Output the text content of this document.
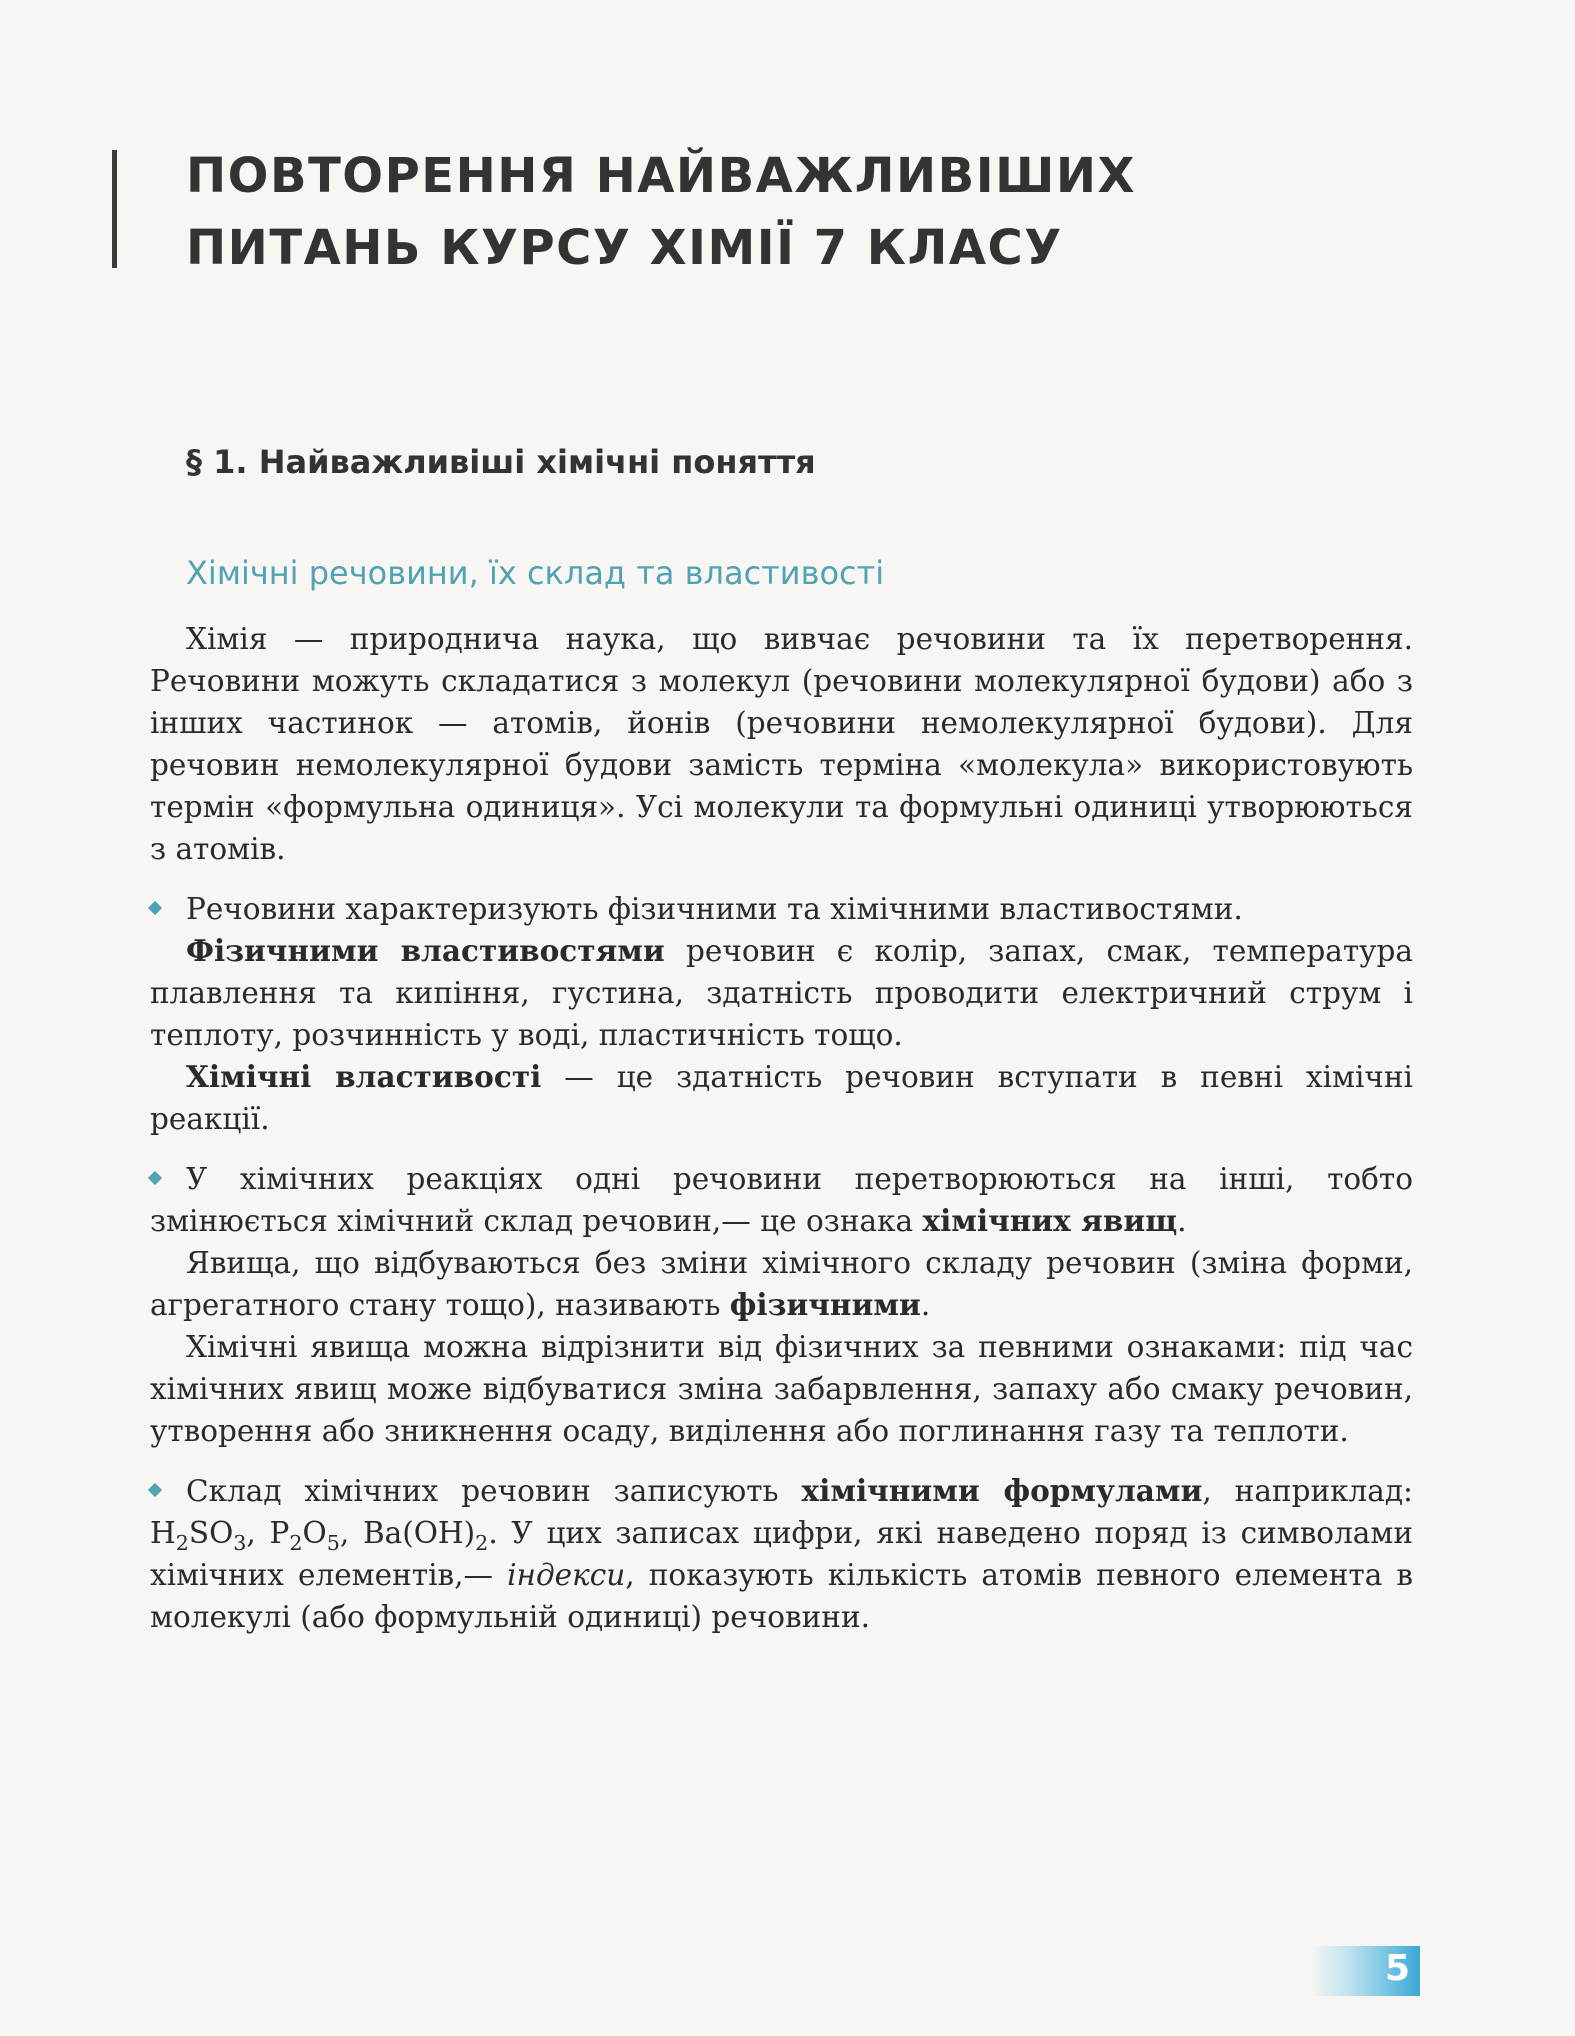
ПОВТОРЕННЯ НАЙВАЖЛИВІШИХ
ПИТАНЬ КУРСУ ХІМІЇ 7 КЛАСУ
§ 1. Найважливіші хімічні поняття
Хімічні речовини, їх склад та властивості

Хімія — природнича наука, що вивчає речовини та їх перетворення. Речовини можуть складатися з молекул (речовини молекулярної будови) або з інших частинок — атомів, йонів (речовини немолекулярної будови). Для речовин немолекулярної будови замість терміна «молекула» використовують термін «формульна одиниця». Усі молекули та формульні одиниці утворюються з атомів.

Речовини характеризують фізичними та хімічними властивостями.

Фізичними властивостями речовин є колір, запах, смак, температура плавлення та кипіння, густина, здатність проводити електричний струм і теплоту, розчинність у воді, пластичність тощо.

Хімічні властивості — це здатність речовин вступати в певні хімічні реакції.

У хімічних реакціях одні речовини перетворюються на інші, тобто змінюється хімічний склад речовин,— це ознака хімічних явищ.

Явища, що відбуваються без зміни хімічного складу речовин (зміна форми, агрегатного стану тощо), називають фізичними.

Хімічні явища можна відрізнити від фізичних за певними ознаками: під час хімічних явищ може відбуватися зміна забарвлення, запаху або смаку речовин, утворення або зникнення осаду, виділення або поглинання газу та теплоти.

Склад хімічних речовин записують хімічними формулами, наприклад: $H_2SO_3$, $P_2O_5$, $Ba(OH)_2$. У цих записах цифри, які наведено поряд із символами хімічних елементів,— індекси, показують кількість атомів певного елемента в молекулі (або формульній одиниці) речовини.

5
